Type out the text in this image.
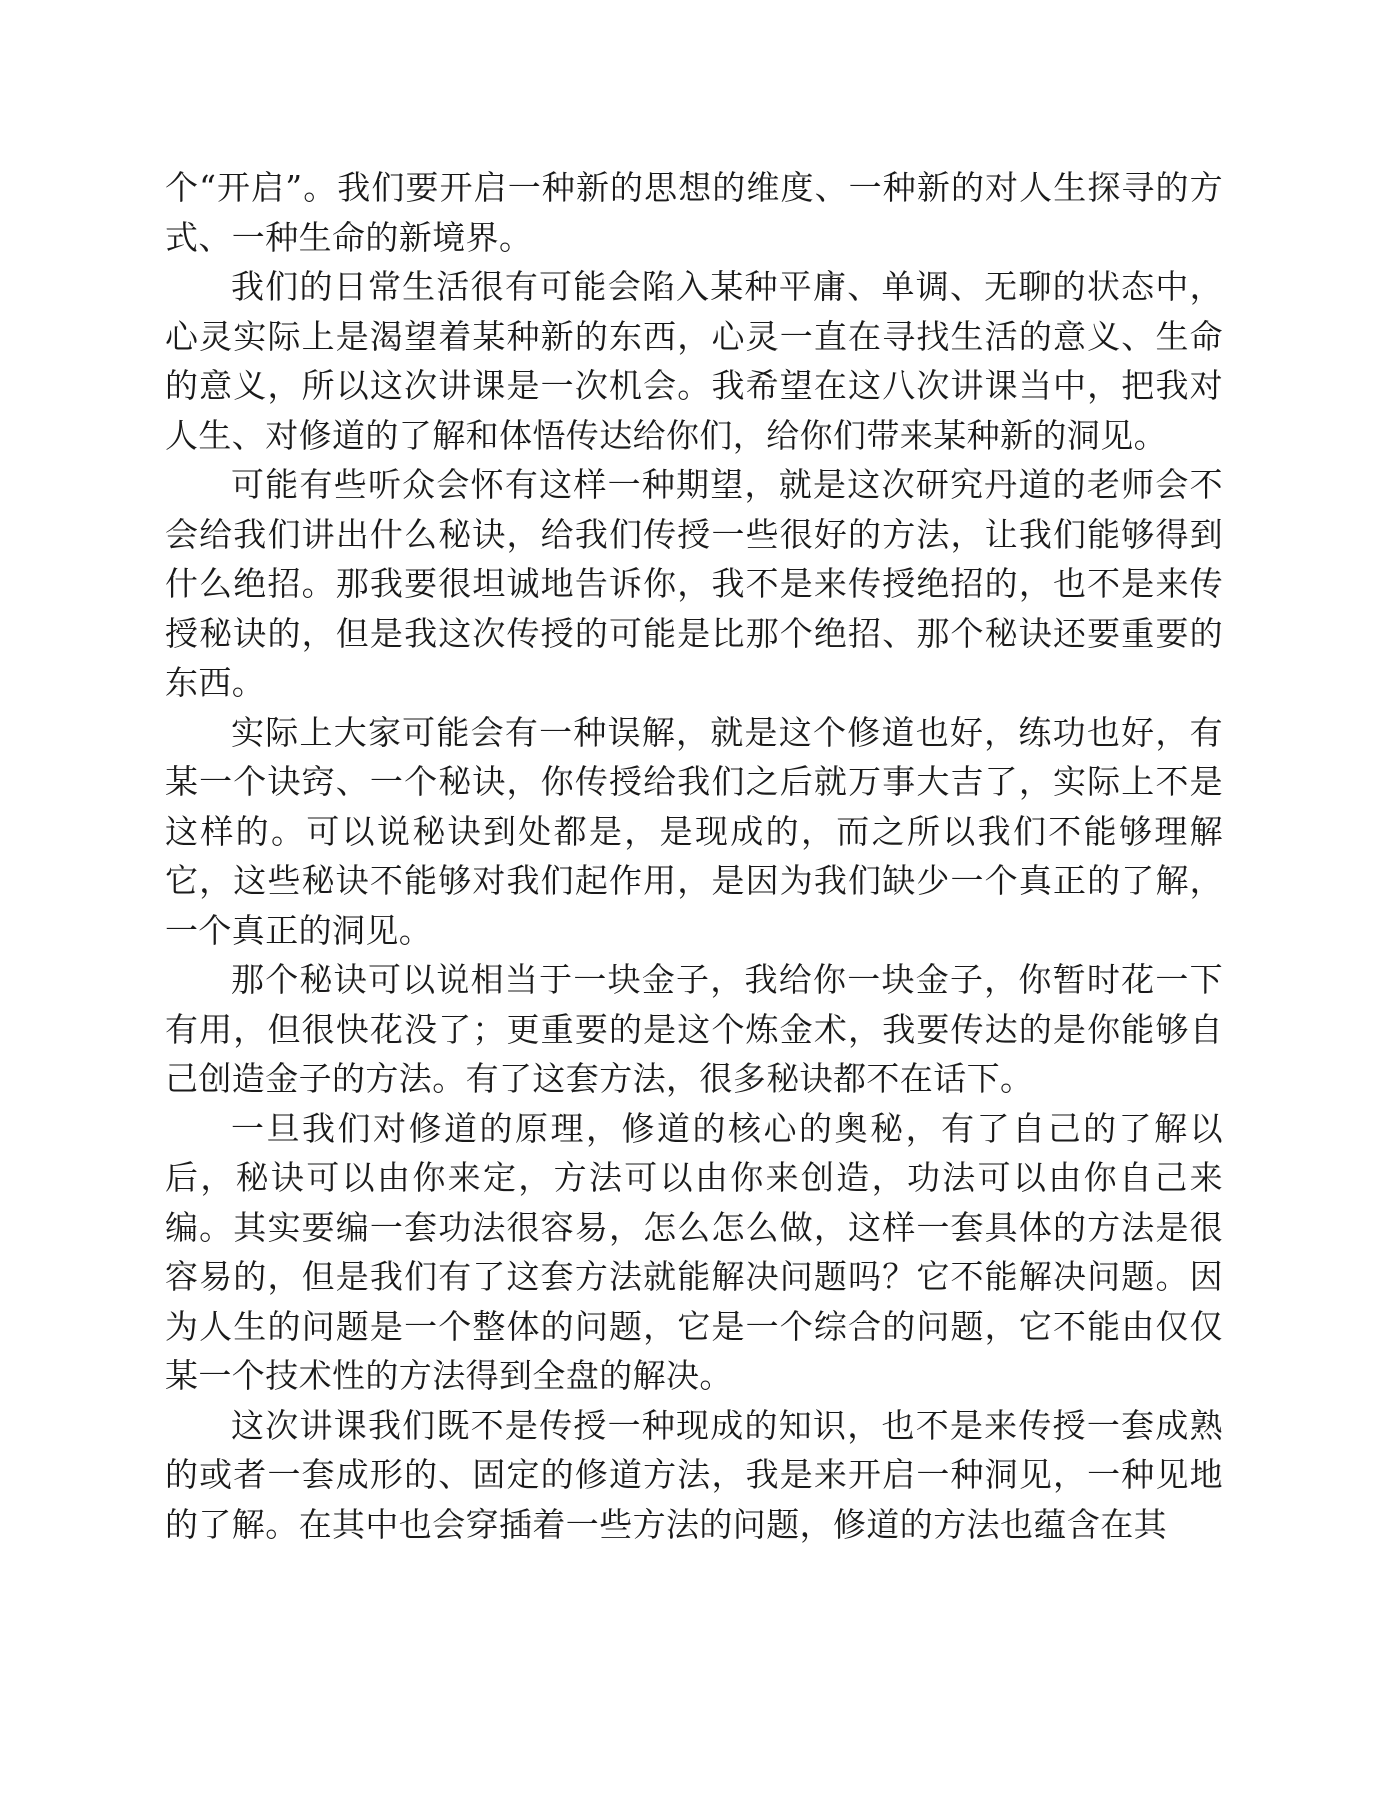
个“开启”。我们要开启一种新的思想的维度、一种新的对人生探寻的方式、一种生命的新境界。

我们的日常生活很有可能会陷入某种平庸、单调、无聊的状态中，心灵实际上是渴望着某种新的东西，心灵一直在寻找生活的意义、生命的意义，所以这次讲课是一次机会。我希望在这八次讲课当中，把我对人生、对修道的了解和体悟传达给你们，给你们带来某种新的洞见。

可能有些听众会怀有这样一种期望，就是这次研究丹道的老师会不会给我们讲出什么秘诀，给我们传授一些很好的方法，让我们能够得到什么绝招。那我要很坦诚地告诉你，我不是来传授绝招的，也不是来传授秘诀的，但是我这次传授的可能是比那个绝招、那个秘诀还要重要的东西。

实际上大家可能会有一种误解，就是这个修道也好，练功也好，有某一个诀窍、一个秘诀，你传授给我们之后就万事大吉了，实际上不是这样的。可以说秘诀到处都是，是现成的，而之所以我们不能够理解它，这些秘诀不能够对我们起作用，是因为我们缺少一个真正的了解，一个真正的洞见。

那个秘诀可以说相当于一块金子，我给你一块金子，你暂时花一下有用，但很快花没了；更重要的是这个炼金术，我要传达的是你能够自己创造金子的方法。有了这套方法，很多秘诀都不在话下。

一旦我们对修道的原理，修道的核心的奥秘，有了自己的了解以后，秘诀可以由你来定，方法可以由你来创造，功法可以由你自己来编。其实要编一套功法很容易，怎么怎么做，这样一套具体的方法是很容易的，但是我们有了这套方法就能解决问题吗？它不能解决问题。因为人生的问题是一个整体的问题，它是一个综合的问题，它不能由仅仅某一个技术性的方法得到全盘的解决。

这次讲课我们既不是传授一种现成的知识，也不是来传授一套成熟的或者一套成形的、固定的修道方法，我是来开启一种洞见，一种见地的了解。在其中也会穿插着一些方法的问题，修道的方法也蕴含在其
